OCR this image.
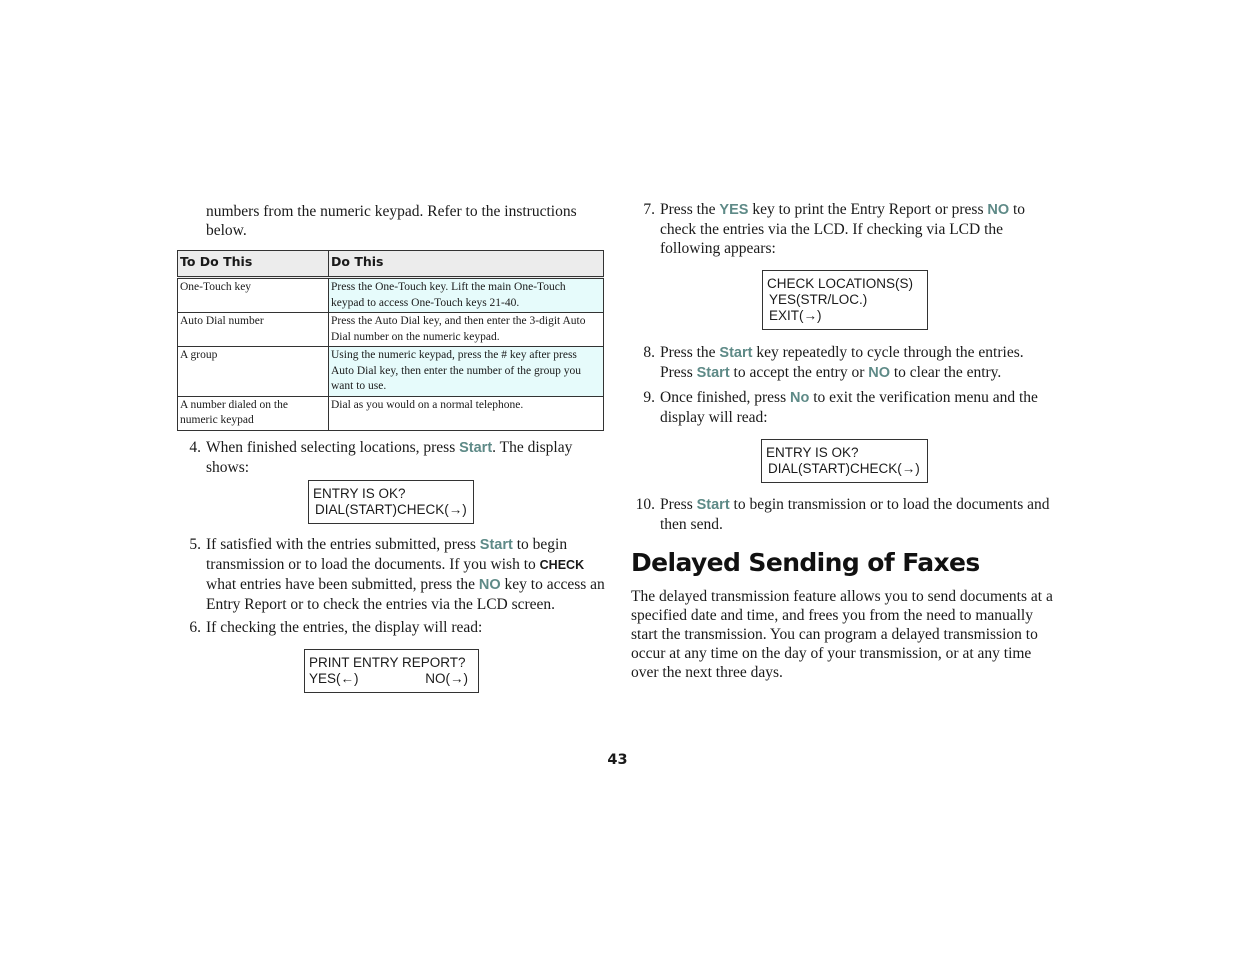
numbers from the numeric keypad. Refer to the instructions below.

To Do This	Do This
One-Touch key	Press the One-Touch key. Lift the main One-Touch keypad to access One-Touch keys 21-40.
Auto Dial number	Press the Auto Dial key, and then enter the 3-digit Auto Dial number on the numeric keypad.
A group	Using the numeric keypad, press the # key after press Auto Dial key, then enter the number of the group you want to use.
A number dialed on the numeric keypad	Dial as you would on a normal telephone.
4. When finished selecting locations, press Start. The display shows:
ENTRY IS OK?
DIAL(START)CHECK(→)
5. If satisfied with the entries submitted, press Start to begin transmission or to load the documents. If you wish to CHECK what entries have been submitted, press the NO key to access an Entry Report or to check the entries via the LCD screen.
6. If checking the entries, the display will read:
PRINT ENTRY REPORT?
YES(←)	NO(→)
7. Press the YES key to print the Entry Report or press NO to check the entries via the LCD. If checking via LCD the following appears:
CHECK LOCATIONS(S)
YES(STR/LOC.) EXIT(→)
8. Press the Start key repeatedly to cycle through the entries. Press Start to accept the entry or NO to clear the entry.
9. Once finished, press No to exit the verification menu and the display will read:
ENTRY IS OK?
DIAL(START)CHECK(→)
10. Press Start to begin transmission or to load the documents and then send.
Delayed Sending of Faxes

The delayed transmission feature allows you to send documents at a specified date and time, and frees you from the need to manually start the transmission. You can program a delayed transmission to occur at any time on the day of your transmission, or at any time over the next three days.

43
